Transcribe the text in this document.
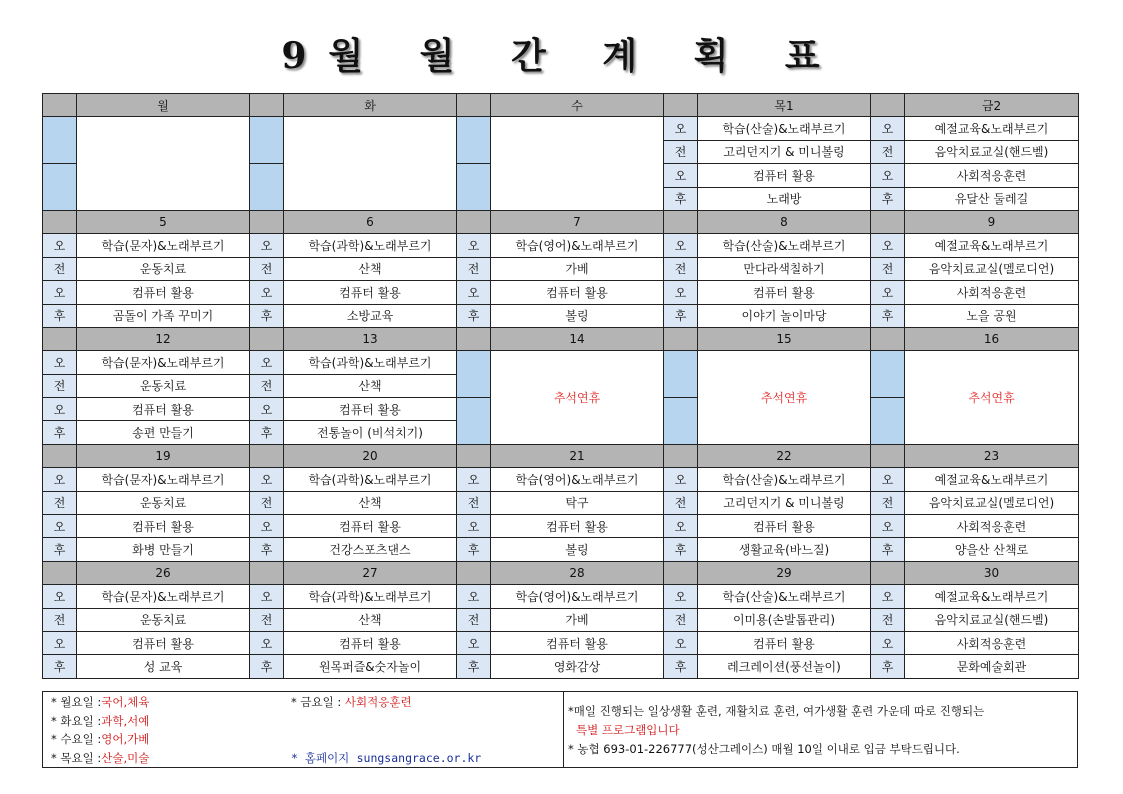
9월 월 간 계 획 표
	월		화		수		목1		금2
						오	학습(산술)&노래부르기	오	예절교육&노래부르기
						전	고리던지기 & 미니볼링	전	음악치료교실(핸드벨)
						오	컴퓨터 활용	오	사회적응훈련
						후	노래방	후	유달산 둘레길
	5		6		7		8		9
오	학습(문자)&노래부르기	오	학습(과학)&노래부르기	오	학습(영어)&노래부르기	오	학습(산술)&노래부르기	오	예절교육&노래부르기
전	운동치료	전	산책	전	가베	전	만다라색칠하기	전	음악치료교실(멜로디언)
오	컴퓨터 활용	오	컴퓨터 활용	오	컴퓨터 활용	오	컴퓨터 활용	오	사회적응훈련
후	곰돌이 가족 꾸미기	후	소방교육	후	볼링	후	이야기 놀이마당	후	노을 공원
	12		13		14		15		16
오	학습(문자)&노래부르기	오	학습(과학)&노래부르기		추석연휴		추석연휴		추석연휴
전	운동치료	전	산책						
오	컴퓨터 활용	오	컴퓨터 활용						
후	송편 만들기	후	전통놀이 (비석치기)						
	19		20		21		22		23
오	학습(문자)&노래부르기	오	학습(과학)&노래부르기	오	학습(영어)&노래부르기	오	학습(산술)&노래부르기	오	예절교육&노래부르기
전	운동치료	전	산책	전	탁구	전	고리던지기 & 미니볼링	전	음악치료교실(멜로디언)
오	컴퓨터 활용	오	컴퓨터 활용	오	컴퓨터 활용	오	컴퓨터 활용	오	사회적응훈련
후	화병 만들기	후	건강스포츠댄스	후	볼링	후	생활교육(바느질)	후	양을산 산책로
	26		27		28		29		30
오	학습(문자)&노래부르기	오	학습(과학)&노래부르기	오	학습(영어)&노래부르기	오	학습(산술)&노래부르기	오	예절교육&노래부르기
전	운동치료	전	산책	전	가베	전	이미용(손발톱관리)	전	음악치료교실(핸드벨)
오	컴퓨터 활용	오	컴퓨터 활용	오	컴퓨터 활용	오	컴퓨터 활용	오	사회적응훈련
후	성 교육	후	원목퍼즐&숫자놀이	후	영화감상	후	레크레이션(풍선놀이)	후	문화예술회관
* 월요일 :국어,체육
* 화요일 :과학,서예
* 수요일 :영어,가베
* 목요일 :산술,미술
* 금요일 : 사회적응훈련
* 홈페이지 sungsangrace.or.kr
*매일 진행되는 일상생활 훈련, 재활치료 훈련, 여가생활 훈련 가운데 따로 진행되는
특별 프로그램입니다
* 농협 693-01-226777(성산그레이스) 매월 10일 이내로 입금 부탁드립니다.
